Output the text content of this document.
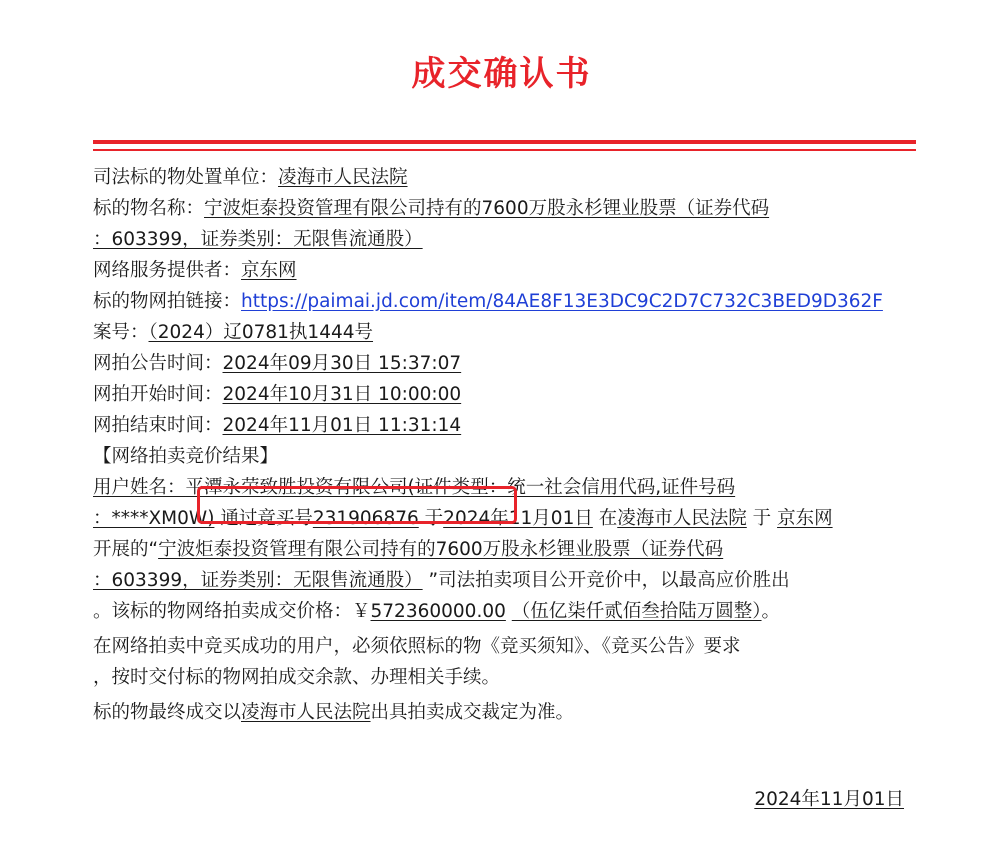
成交确认书
司法标的物处置单位：凌海市人民法院
标的物名称：宁波炬泰投资管理有限公司持有的7600万股永杉锂业股票（证券代码
：603399，证券类别：无限售流通股）
网络服务提供者：京东网
标的物网拍链接：https://paimai.jd.com/item/84AE8F13E3DC9C2D7C732C3BED9D362F
案号：（2024）辽0781执1444号
网拍公告时间：2024年09月30日 15:37:07
网拍开始时间：2024年10月31日 10:00:00
网拍结束时间：2024年11月01日 11:31:14
【网络拍卖竞价结果】
用户姓名：平潭永荣致胜投资有限公司(证件类型：统一社会信用代码,证件号码
：****XM0W) 通过竞买号231906876 于2024年11月01日 在凌海市人民法院 于 京东网
开展的“宁波炬泰投资管理有限公司持有的7600万股永杉锂业股票（证券代码
：603399，证券类别：无限售流通股） ”司法拍卖项目公开竞价中，以最高应价胜出
。该标的物网络拍卖成交价格：￥572360000.00 （伍亿柒仟贰佰叁拾陆万圆整）。
在网络拍卖中竞买成功的用户，必须依照标的物《竞买须知》、《竞买公告》要求
，按时交付标的物网拍成交余款、办理相关手续。
标的物最终成交以凌海市人民法院出具拍卖成交裁定为准。
2024年11月01日
